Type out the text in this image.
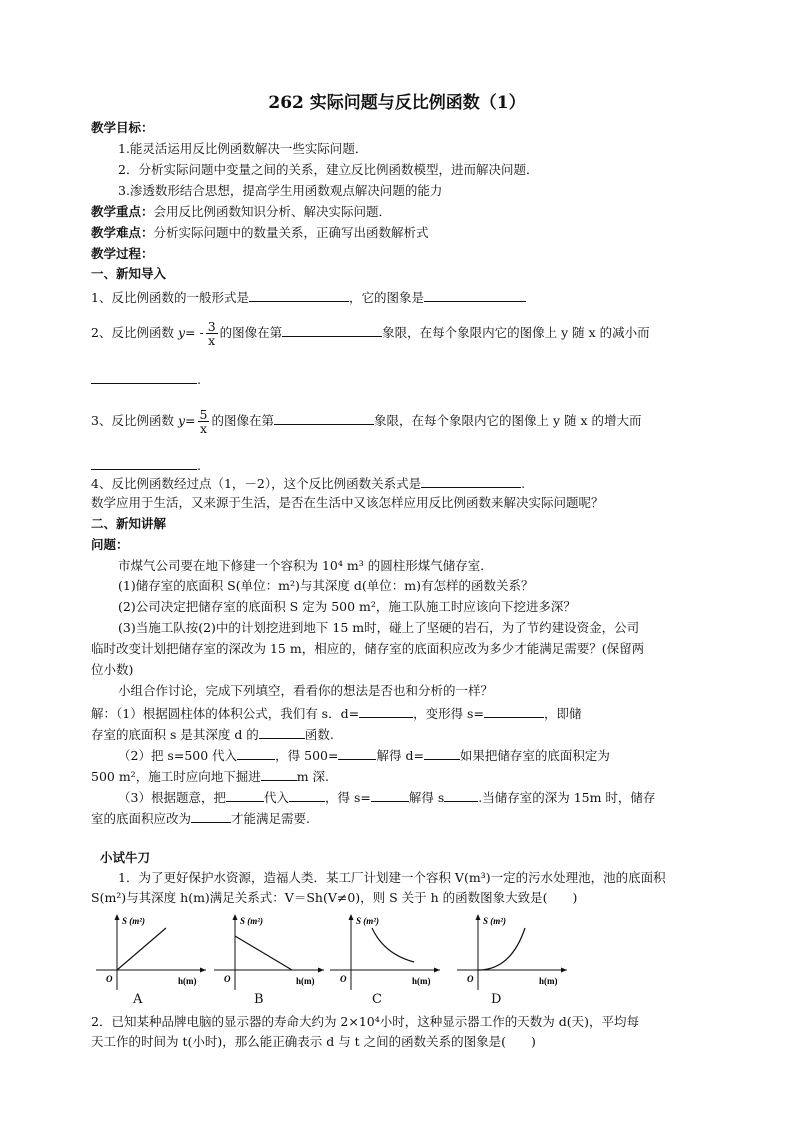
262 实际问题与反比例函数（1）
教学目标：
1.能灵活运用反比例函数解决一些实际问题．
2．分析实际问题中变量之间的关系，建立反比例函数模型，进而解决问题．
3.渗透数形结合思想，提高学生用函数观点解决问题的能力
教学重点：会用反比例函数知识分析、解决实际问题．
教学难点：分析实际问题中的数量关系，正确写出函数解析式
教学过程：
一、新知导入
1、反比例函数的一般形式是	，它的图象是
2、反比例函数 $y= - \frac{3}{x}$ 的图像在第	象限，在每个象限内它的图像上 y 随 x 的减小而
.
3、反比例函数 $y= \frac{5}{x}$ 的图像在第	象限，在每个象限内它的图像上 y 随 x 的增大而
.
4、反比例函数经过点（1，－2），这个反比例函数关系式是	.
数学应用于生活，又来源于生活，是否在生活中又该怎样应用反比例函数来解决实际问题呢？
二、新知讲解
问题：
市煤气公司要在地下修建一个容积为 10⁴ m³ 的圆柱形煤气储存室．
(1)储存室的底面积 S(单位：m²)与其深度 d(单位：m)有怎样的函数关系？
(2)公司决定把储存室的底面积 S 定为 500 m²，施工队施工时应该向下挖进多深？
(3)当施工队按(2)中的计划挖进到地下 15 m时，碰上了坚硬的岩石，为了节约建设资金，公司
临时改变计划把储存室的深改为 15 m，相应的，储存室的底面积应改为多少才能满足需要？(保留两
位小数)
小组合作讨论，完成下列填空，看看你的想法是否也和分析的一样？
解：（1）根据圆柱体的体积公式，我们有 s．d=	，变形得 s=	，即储
存室的底面积 s 是其深度 d 的	函数.
（2）把 s=500 代入	，得 500=	解得 d=	如果把储存室的底面积定为
500 m²，施工时应向地下掘进	m 深.
（3）根据题意，把	代入	，得 s=	解得 s	.当储存室的深为 15m 时，储存
室的底面积应改为	才能满足需要.
小试牛刀
1．为了更好保护水资源，造福人类．某工厂计划建一个容积 V(m³)一定的污水处理池，池的底面积
S(m²)与其深度 h(m)满足关系式：V＝Sh(V≠0)，则 S 关于 h 的函数图象大致是(　　)
S (m²)
h(m)
O
S (m²)
h(m)
O
S (m²)
h(m)
O
S (m²)
h(m)
O
A	B	C	D
2．已知某种品牌电脑的显示器的寿命大约为 2×10⁴小时，这种显示器工作的天数为 d(天)，平均每
天工作的时间为 t(小时)，那么能正确表示 d 与 t 之间的函数关系的图象是(　　)
